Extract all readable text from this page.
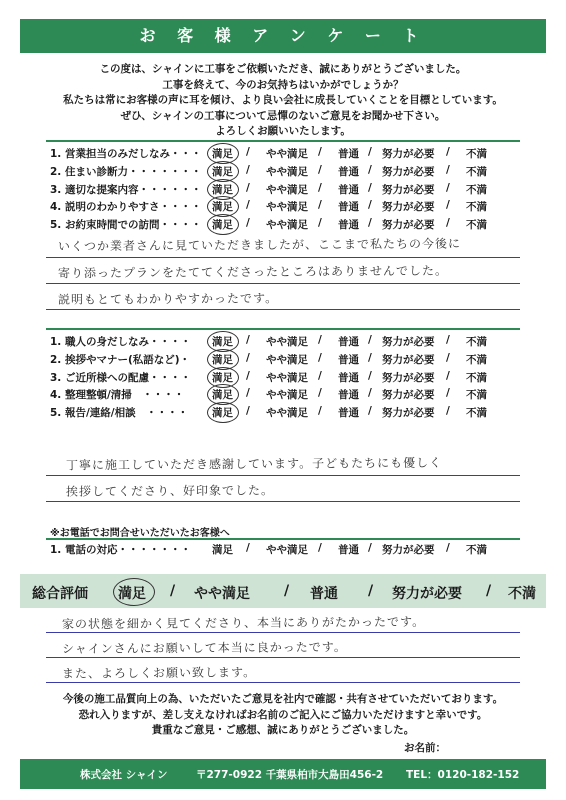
お 客 様 ア ン ケ ー ト
この度は、シャインに工事をご依頼いただき、誠にありがとうございました。
工事を終えて、今のお気持ちはいかがでしょうか？
私たちは常にお客様の声に耳を傾け、より良い会社に成長していくことを目標としています。
ぜひ、シャインの工事について忌憚のないご意見をお聞かせ下さい。
よろしくお願いいたします。
1. 営業担当のみだしなみ・・・ 満足 / やや満足 / 普通 / 努力が必要 / 不満
2. 住まい診断力・・・・・・・ 満足 / やや満足 / 普通 / 努力が必要 / 不満
3. 適切な提案内容・・・・・・ 満足 / やや満足 / 普通 / 努力が必要 / 不満
4. 説明のわかりやすさ・・・・ 満足 / やや満足 / 普通 / 努力が必要 / 不満
5. お約束時間での訪問・・・・ 満足 / やや満足 / 普通 / 努力が必要 / 不満
いくつか業者さんに見ていただきましたが、ここまで私たちの今後に
寄り添ったプランをたててくださったところはありませんでした。
説明もとてもわかりやすかったです。
1. 職人の身だしなみ・・・・ 満足 / やや満足 / 普通 / 努力が必要 / 不満
2. 挨拶やマナー(私語など)・ 満足 / やや満足 / 普通 / 努力が必要 / 不満
3. ご近所様への配慮・・・・ 満足 / やや満足 / 普通 / 努力が必要 / 不満
4. 整理整頓/清掃　・・・・	満足 / やや満足 / 普通 / 努力が必要 / 不満
5. 報告/連絡/相談　・・・・ 満足 / やや満足 / 普通 / 努力が必要 / 不満
丁寧に施工していただき感謝しています。子どもたちにも優しく
挨拶してくださり、好印象でした。
※お電話でお問合せいただいたお客様へ
1. 電話の対応・・・・・・・ 満足 / やや満足 / 普通 / 努力が必要 / 不満
総合評価 満足 / やや満足 / 普通 / 努力が必要 / 不満
家の状態を細かく見てくださり、本当にありがたかったです。
シャインさんにお願いして本当に良かったです。
また、よろしくお願い致します。
今後の施工品質向上の為、いただいたご意見を社内で確認・共有させていただいております。
恐れ入りますが、差し支えなければお名前のご記入にご協力いただけますと幸いです。
貴重なご意見・ご感想、誠にありがとうございました。
お名前：
株式会社 シャイン	〒277-0922 千葉県柏市大島田456-2 TEL：0120-182-152
